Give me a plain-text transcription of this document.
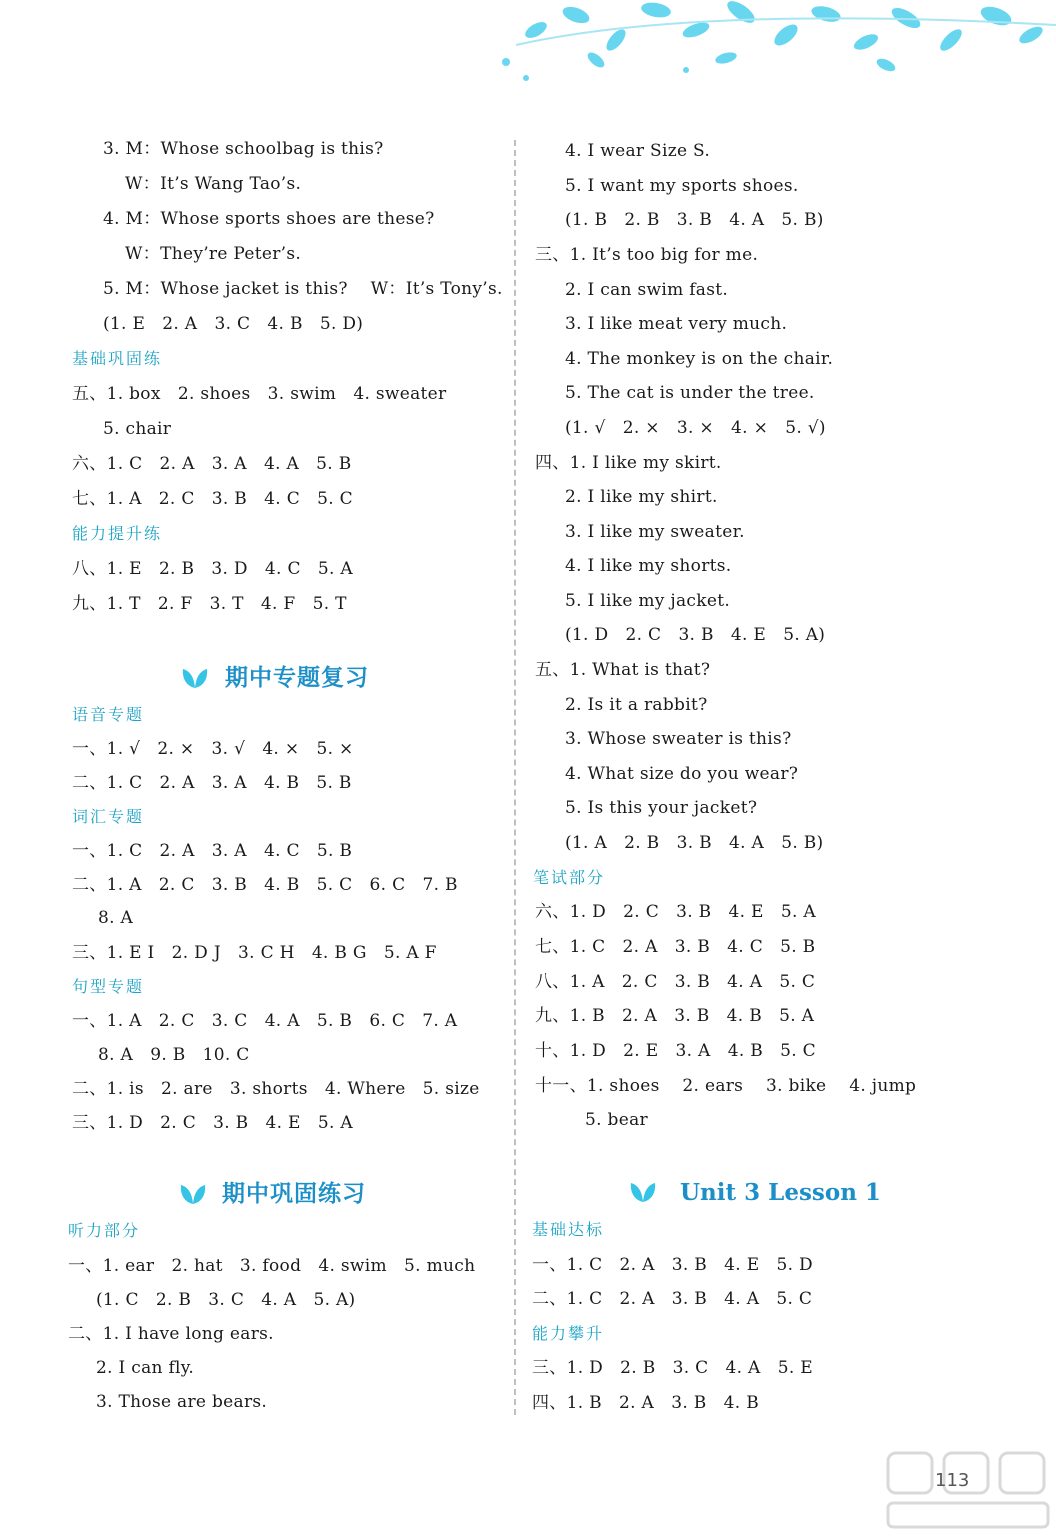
3. M：Whose schoolbag is this?
W：It’s Wang Tao’s.
4. M：Whose sports shoes are these?
W：They’re Peter’s.
5. M：Whose jacket is this?    W：It’s Tony’s.
(1. E   2. A   3. C   4. B   5. D)
基础巩固练
五、1. box   2. shoes   3. swim   4. sweater
5. chair
六、1. C   2. A   3. A   4. A   5. B
七、1. A   2. C   3. B   4. C   5. C
能力提升练
八、1. E   2. B   3. D   4. C   5. A
九、1. T   2. F   3. T   4. F   5. T
期中专题复习
语音专题
一、1. √   2. ×   3. √   4. ×   5. ×
二、1. C   2. A   3. A   4. B   5. B
词汇专题
一、1. C   2. A   3. A   4. C   5. B
二、1. A   2. C   3. B   4. B   5. C   6. C   7. B
8. A
三、1. E I   2. D J   3. C H   4. B G   5. A F
句型专题
一、1. A   2. C   3. C   4. A   5. B   6. C   7. A
8. A   9. B   10. C
二、1. is   2. are   3. shorts   4. Where   5. size
三、1. D   2. C   3. B   4. E   5. A
期中巩固练习
听力部分
一、1. ear   2. hat   3. food   4. swim   5. much
(1. C   2. B   3. C   4. A   5. A)
二、1. I have long ears.
2. I can fly.
3. Those are bears.
4. I wear Size S.
5. I want my sports shoes.
(1. B   2. B   3. B   4. A   5. B)
三、1. It’s too big for me.
2. I can swim fast.
3. I like meat very much.
4. The monkey is on the chair.
5. The cat is under the tree.
(1. √   2. ×   3. ×   4. ×   5. √)
四、1. I like my skirt.
2. I like my shirt.
3. I like my sweater.
4. I like my shorts.
5. I like my jacket.
(1. D   2. C   3. B   4. E   5. A)
五、1. What is that?
2. Is it a rabbit?
3. Whose sweater is this?
4. What size do you wear?
5. Is this your jacket?
(1. A   2. B   3. B   4. A   5. B)
笔试部分
六、1. D   2. C   3. B   4. E   5. A
七、1. C   2. A   3. B   4. C   5. B
八、1. A   2. C   3. B   4. A   5. C
九、1. B   2. A   3. B   4. B   5. A
十、1. D   2. E   3. A   4. B   5. C
十一、1. shoes    2. ears    3. bike    4. jump
5. bear
Unit 3 Lesson 1
基础达标
一、1. C   2. A   3. B   4. E   5. D
二、1. C   2. A   3. B   4. A   5. C
能力攀升
三、1. D   2. B   3. C   4. A   5. E
四、1. B   2. A   3. B   4. B
113
